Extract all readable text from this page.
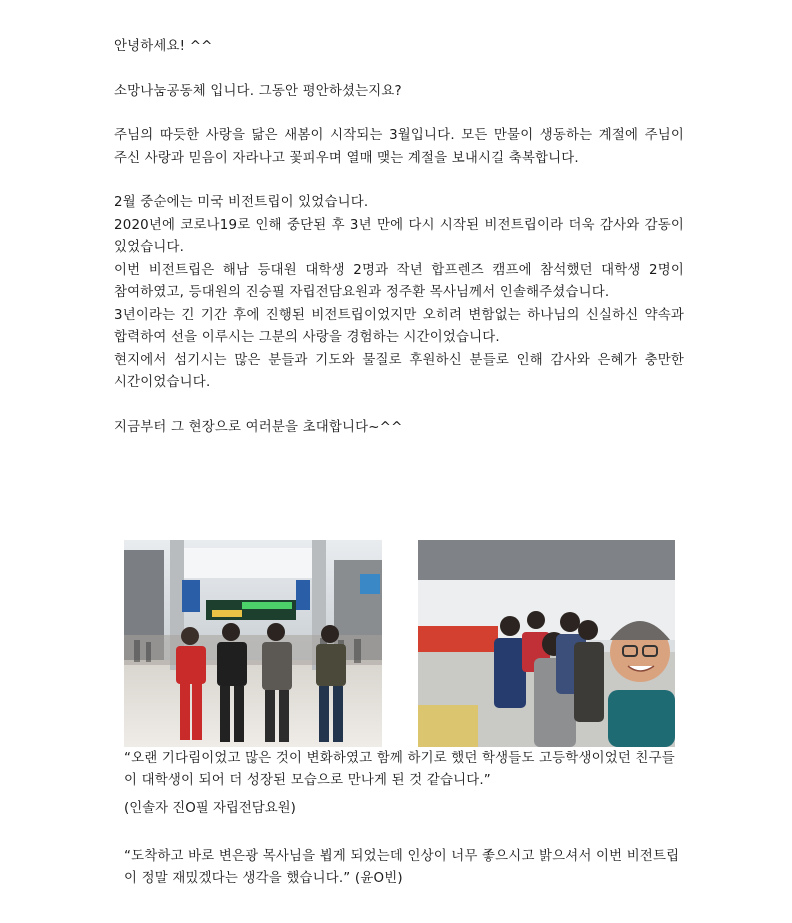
안녕하세요! ^^

소망나눔공동체 입니다. 그동안 평안하셨는지요?

주님의 따듯한 사랑을 닮은 새봄이 시작되는 3월입니다. 모든 만물이 생동하는 계절에 주님이 주신 사랑과 믿음이 자라나고 꽃피우며 열매 맺는 계절을 보내시길 축복합니다.

2월 중순에는 미국 비전트립이 있었습니다.

2020년에 코로나19로 인해 중단된 후 3년 만에 다시 시작된 비전트립이라 더욱 감사와 감동이 있었습니다.

이번 비전트립은 해남 등대원 대학생 2명과 작년 합프렌즈 캠프에 참석했던 대학생 2명이 참여하였고, 등대원의 진승필 자립전담요원과 정주환 목사님께서 인솔해주셨습니다.

3년이라는 긴 기간 후에 진행된 비전트립이었지만 오히려 변함없는 하나님의 신실하신 약속과 합력하여 선을 이루시는 그분의 사랑을 경험하는 시간이었습니다.

현지에서 섬기시는 많은 분들과 기도와 물질로 후원하신 분들로 인해 감사와 은혜가 충만한 시간이었습니다.

지금부터 그 현장으로 여러분을 초대합니다~^^

“오랜 기다림이었고 많은 것이 변화하였고 함께 하기로 했던 학생들도 고등학생이었던 친구들이 대학생이 되어 더 성장된 모습으로 만나게 된 것 같습니다.”
(인솔자 진O필 자립전담요원)
“도착하고 바로 변은광 목사님을 뵙게 되었는데 인상이 너무 좋으시고 밝으셔서 이번 비전트립이 정말 재밌겠다는 생각을 했습니다.” (윤O빈)
